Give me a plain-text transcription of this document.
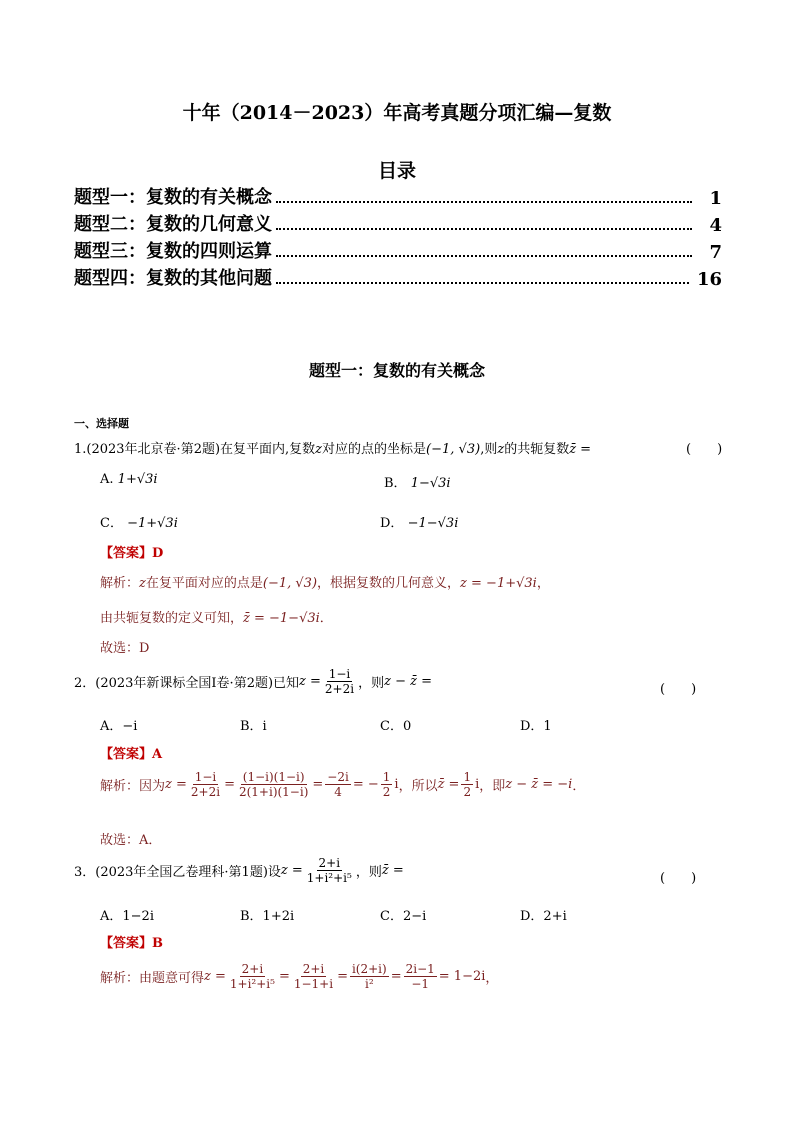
十年（2014－2023）年高考真题分项汇编—复数
目录
题型一：复数的有关概念	1
题型二：复数的几何意义	4
题型三：复数的四则运算	7
题型四：复数的其他问题	16
题型一：复数的有关概念
一、选择题
1.(2023年北京卷·第2题)在复平面内,复数z对应的点的坐标是(−1, √3),则z的共轭复数z̄ =	(　　)
A. 1+√3i	B． 1−√3i
C． −1+√3i	D． −1−√3i
【答案】D
解析：z在复平面对应的点是(−1, √3)，根据复数的几何意义，z = −1+√3i，
由共轭复数的定义可知，z̄ = −1−√3i．
故选：D
2．(2023年新课标全国Ⅰ卷·第2题)已知 $z = \frac{1-i}{2+2i}$ ，则 z − z̄ =
(　　)
A．−i	B．i	C．0	D．1
【答案】A
解析：因为 $z = \frac{1-i}{2+2i} = \frac{(1-i)(1-i)}{2(1+i)(1-i)} = \frac{-2i}{4}$ = − $\frac{1}{2}$ i ，所以 z̄ = $\frac{1}{2}$ i ，即 z − z̄ = −i ．
故选：A．
3．(2023年全国乙卷理科·第1题)设 $z = \frac{2+i}{\text{1+i²+i⁵}}$ ，则 z̄ =
(　　)
A．1−2i	B．1+2i	C．2−i	D．2+i
【答案】B
解析：由题意可得 $z = \frac{2+i}{\text{1+i²+i⁵}} = \frac{2+i}{1-1+i} = \frac{i(2+i)}{\text{i²}} = \frac{2i-1}{-1} = 1-2i$ ，
